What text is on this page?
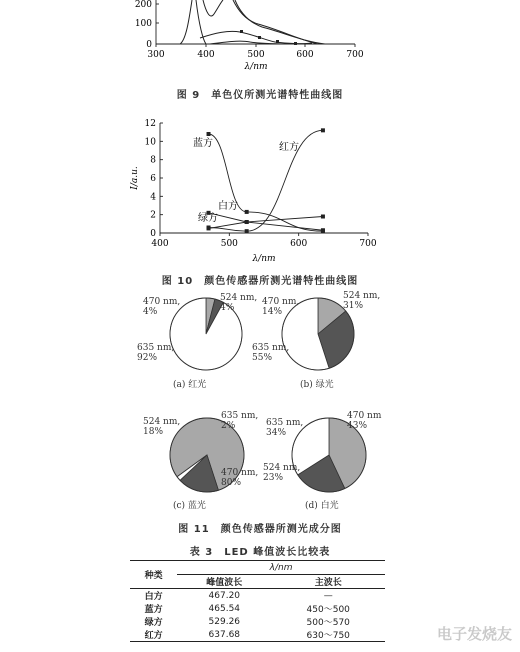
200
100
0
300	400	500	600	700
λ/nm
图 9　单色仪所测光谱特性曲线图
400	500	600	700
0
2
4
6
8
10
12
λ/nm
I/a.u.
蓝方	红方
白方
绿方
图 10　颜色传感器所测光谱特性曲线图
470 nm,
4%
524 nm,
4%
635 nm,
92%
(a) 红光
470 nm,
14%
524 nm,
31%
635 nm,
55%
(b) 绿光
524 nm,
18%
635 nm,
2%
470 nm,
80%
(c) 蓝光
470 nm
43%
635 nm,
34%
524 nm,
23%
(d) 白光
图 11　颜色传感器所测光成分图
表 3　LED 峰值波长比较表
种类	λ/nm	
	峰值波长	主波长
白方	467.20	—
蓝方	465.54	450～500
绿方	529.26	500～570
红方	637.68	630～750	电子发烧友
